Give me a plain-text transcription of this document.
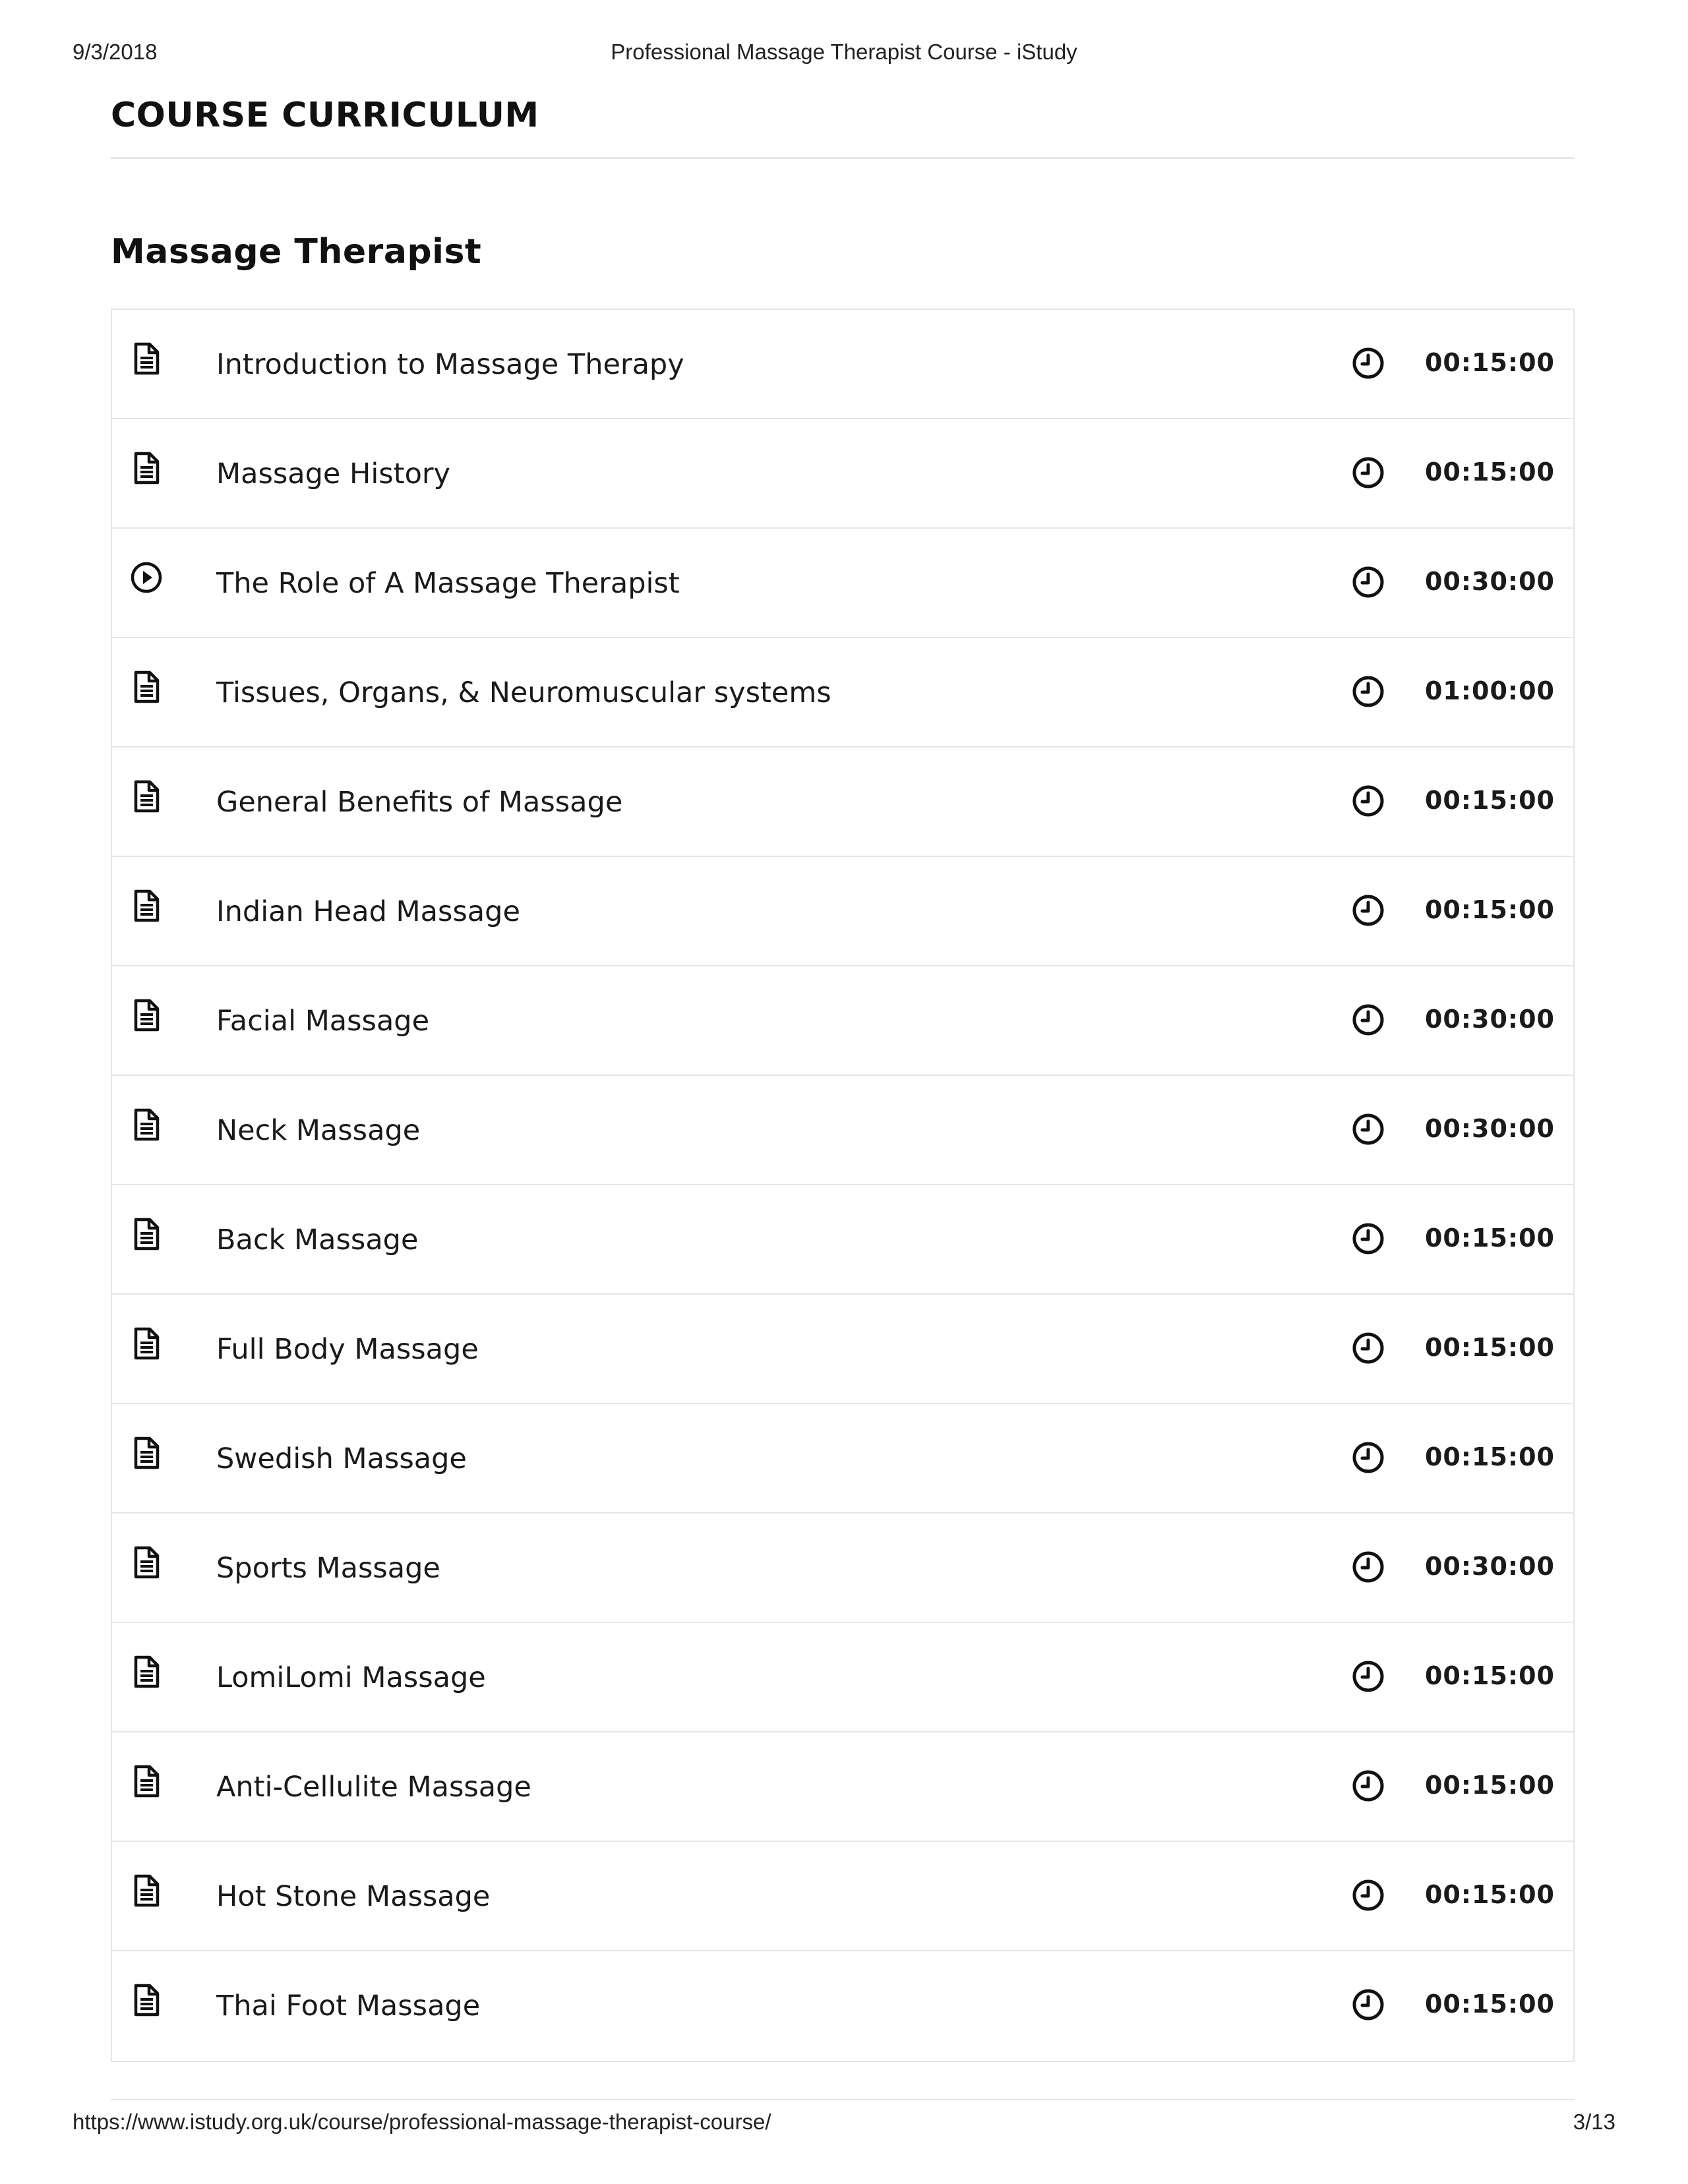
9/3/2018	Professional Massage Therapist Course - iStudy
COURSE CURRICULUM
Massage Therapist
Introduction to Massage Therapy	00:15:00
Massage History	00:15:00
The Role of A Massage Therapist	00:30:00
Tissues, Organs, & Neuromuscular systems	01:00:00
General Benefits of Massage	00:15:00
Indian Head Massage	00:15:00
Facial Massage	00:30:00
Neck Massage	00:30:00
Back Massage	00:15:00
Full Body Massage	00:15:00
Swedish Massage	00:15:00
Sports Massage	00:30:00
LomiLomi Massage	00:15:00
Anti-Cellulite Massage	00:15:00
Hot Stone Massage	00:15:00
Thai Foot Massage	00:15:00
https://www.istudy.org.uk/course/professional-massage-therapist-course/	3/13
